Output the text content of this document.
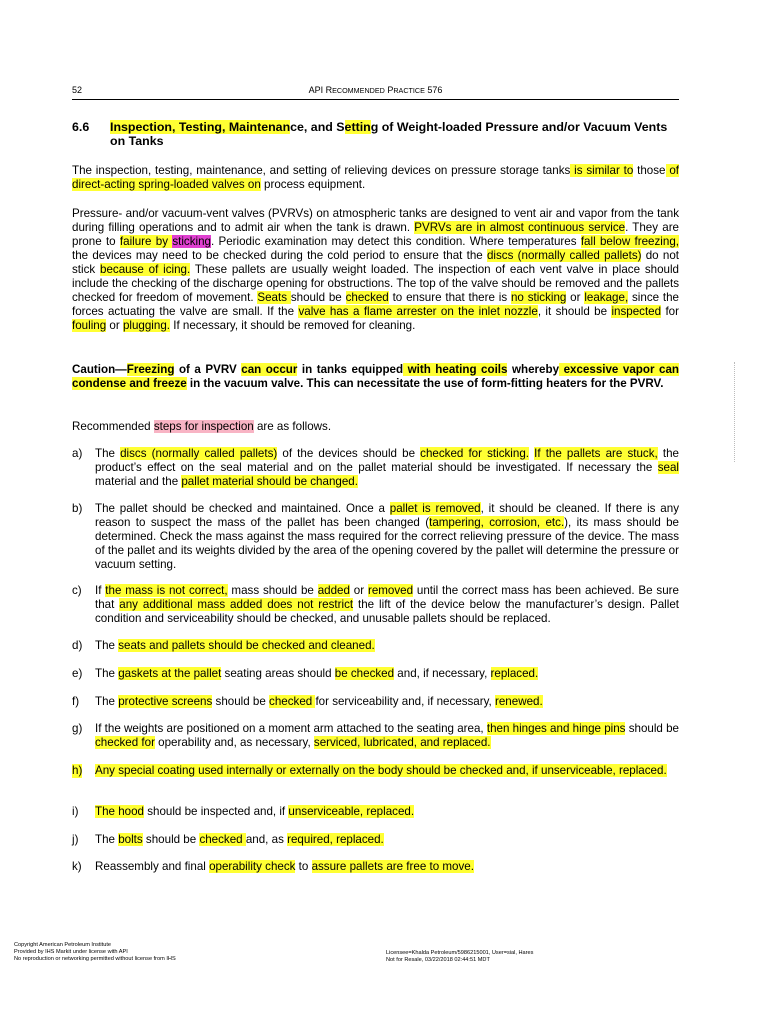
52	API RECOMMENDED PRACTICE 576
6.6 Inspection, Testing, Maintenance, and Setting of Weight-loaded Pressure and/or Vacuum Vents on Tanks
The inspection, testing, maintenance, and setting of relieving devices on pressure storage tanks is similar to those of direct-acting spring-loaded valves on process equipment.
Pressure- and/or vacuum-vent valves (PVRVs) on atmospheric tanks are designed to vent air and vapor from the tank during filling operations and to admit air when the tank is drawn. PVRVs are in almost continuous service. They are prone to failure by sticking. Periodic examination may detect this condition. Where temperatures fall below freezing, the devices may need to be checked during the cold period to ensure that the discs (normally called pallets) do not stick because of icing. These pallets are usually weight loaded. The inspection of each vent valve in place should include the checking of the discharge opening for obstructions. The top of the valve should be removed and the pallets checked for freedom of movement. Seats should be checked to ensure that there is no sticking or leakage, since the forces actuating the valve are small. If the valve has a flame arrester on the inlet nozzle, it should be inspected for fouling or plugging. If necessary, it should be removed for cleaning.
Caution—Freezing of a PVRV can occur in tanks equipped with heating coils whereby excessive vapor can condense and freeze in the vacuum valve. This can necessitate the use of form-fitting heaters for the PVRV.
Recommended steps for inspection are as follows.
a) The discs (normally called pallets) of the devices should be checked for sticking. If the pallets are stuck, the product’s effect on the seal material and on the pallet material should be investigated. If necessary the seal material and the pallet material should be changed.
b) The pallet should be checked and maintained. Once a pallet is removed, it should be cleaned. If there is any reason to suspect the mass of the pallet has been changed (tampering, corrosion, etc.), its mass should be determined. Check the mass against the mass required for the correct relieving pressure of the device. The mass of the pallet and its weights divided by the area of the opening covered by the pallet will determine the pressure or vacuum setting.
c) If the mass is not correct, mass should be added or removed until the correct mass has been achieved. Be sure that any additional mass added does not restrict the lift of the device below the manufacturer’s design. Pallet condition and serviceability should be checked, and unusable pallets should be replaced.
d) The seats and pallets should be checked and cleaned.
e) The gaskets at the pallet seating areas should be checked and, if necessary, replaced.
f) The protective screens should be checked for serviceability and, if necessary, renewed.
g) If the weights are positioned on a moment arm attached to the seating area, then hinges and hinge pins should be checked for operability and, as necessary, serviced, lubricated, and replaced.
h) Any special coating used internally or externally on the body should be checked and, if unserviceable, replaced.
i) The hood should be inspected and, if unserviceable, replaced.
j) The bolts should be checked and, as required, replaced.
k) Reassembly and final operability check to assure pallets are free to move.
Copyright American Petroleum Institute
Provided by IHS Markit under license with API
No reproduction or networking permitted without license from IHS
Licensee=Khalda Petroleum/5986215001, User=sial, Hares
Not for Resale, 03/22/2018 02:44:51 MDT
